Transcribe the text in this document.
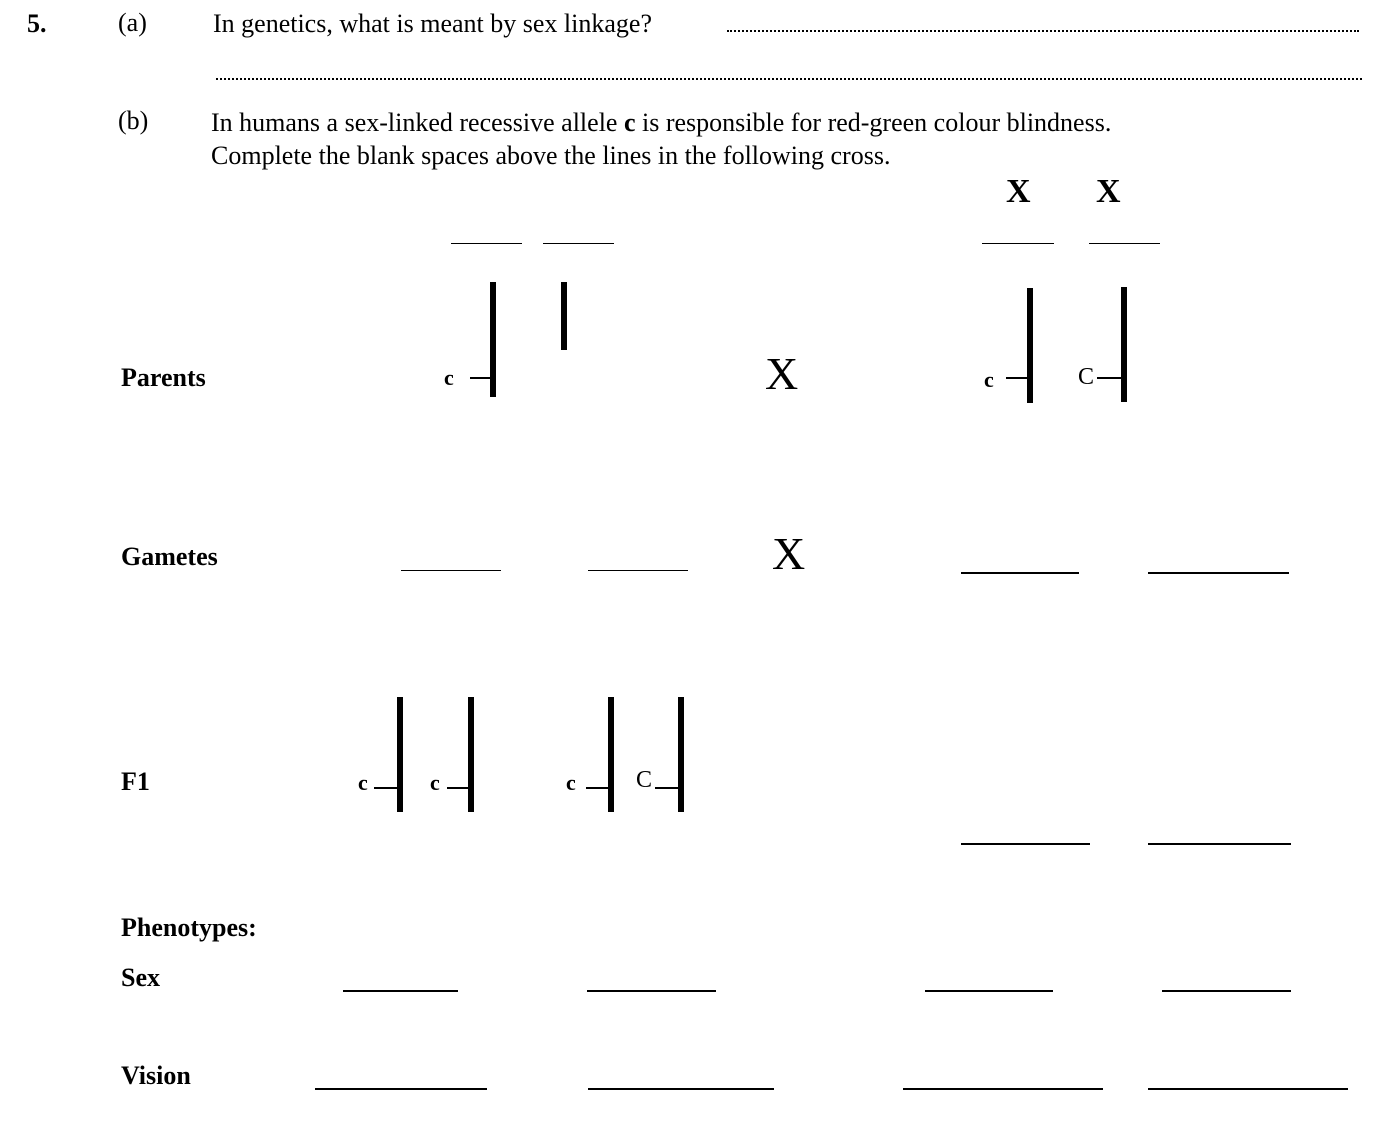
5.	(a)	In genetics, what is meant by sex linkage?
(b) In humans a sex-linked recessive allele c is responsible for red-green colour blindness.
Complete the blank spaces above the lines in the following cross.
X X
Parents	c	X	c	C
Gametes	X
F1	c	c	c	C
Phenotypes:
Sex
Vision
